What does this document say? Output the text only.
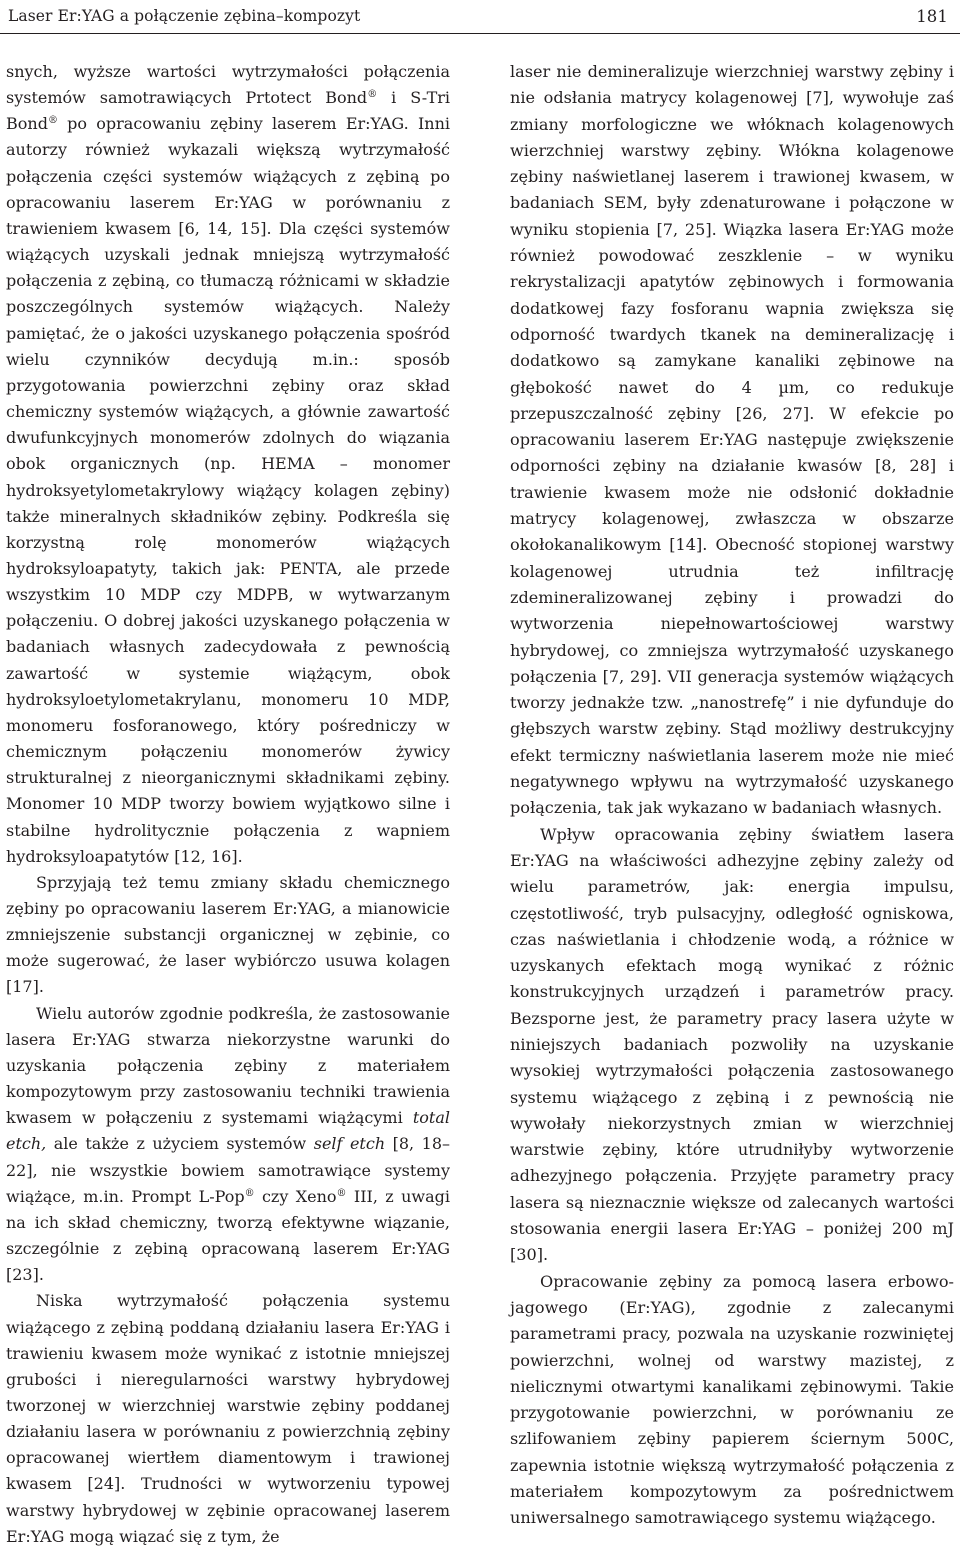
Laser Er:YAG a połączenie zębina–kompozyt	181

snych, wyższe wartości wytrzymałości połączenia systemów samotrawiących Prtotect Bond® i S-Tri Bond® po opracowaniu zębiny laserem Er:YAG. Inni autorzy również wykazali większą wytrzymałość połączenia części systemów wiążących z zębiną po opracowaniu laserem Er:YAG w porównaniu z trawieniem kwasem [6, 14, 15]. Dla części systemów wiążących uzyskali jednak mniejszą wytrzymałość połączenia z zębiną, co tłumaczą różnicami w składzie poszczególnych systemów wiążących. Należy pamiętać, że o jakości uzyskanego połączenia spośród wielu czynników decydują m.in.: sposób przygotowania powierzchni zębiny oraz skład chemiczny systemów wiążących, a głównie zawartość dwufunkcyjnych monomerów zdolnych do wiązania obok organicznych (np. HEMA – monomer hydroksyetylometakrylowy wiążący kolagen zębiny) także mineralnych składników zębiny. Podkreśla się korzystną rolę monomerów wiążących hydroksyloapatyty, takich jak: PENTA, ale przede wszystkim 10 MDP czy MDPB, w wytwarzanym połączeniu. O dobrej jakości uzyskanego połączenia w badaniach własnych zadecydowała z pewnością zawartość w systemie wiążącym, obok hydroksyloetylometakrylanu, monomeru 10 MDP, monomeru fosforanowego, który pośredniczy w chemicznym połączeniu monomerów żywicy strukturalnej z nieorganicznymi składnikami zębiny. Monomer 10 MDP tworzy bowiem wyjątkowo silne i stabilne hydrolitycznie połączenia z wapniem hydroksyloapatytów [12, 16].

Sprzyjają też temu zmiany składu chemicznego zębiny po opracowaniu laserem Er:YAG, a mianowicie zmniejszenie substancji organicznej w zębinie, co może sugerować, że laser wybiórczo usuwa kolagen [17].

Wielu autorów zgodnie podkreśla, że zastosowanie lasera Er:YAG stwarza niekorzystne warunki do uzyskania połączenia zębiny z materiałem kompozytowym przy zastosowaniu techniki trawienia kwasem w połączeniu z systemami wiążącymi total etch, ale także z użyciem systemów self etch [8, 18–22], nie wszystkie bowiem samotrawiące systemy wiążące, m.in. Prompt L-Pop® czy Xeno® III, z uwagi na ich skład chemiczny, tworzą efektywne wiązanie, szczególnie z zębiną opracowaną laserem Er:YAG [23].

Niska wytrzymałość połączenia systemu wiążącego z zębiną poddaną działaniu lasera Er:YAG i trawieniu kwasem może wynikać z istotnie mniejszej grubości i nieregularności warstwy hybrydowej tworzonej w wierzchniej warstwie zębiny poddanej działaniu lasera w porównaniu z powierzchnią zębiny opracowanej wiertłem diamentowym i trawionej kwasem [24]. Trudności w wytworzeniu typowej warstwy hybrydowej w zębinie opracowanej laserem Er:YAG mogą wiązać się z tym, że

laser nie demineralizuje wierzchniej warstwy zębiny i nie odsłania matrycy kolagenowej [7], wywołuje zaś zmiany morfologiczne we włóknach kolagenowych wierzchniej warstwy zębiny. Włókna kolagenowe zębiny naświetlanej laserem i trawionej kwasem, w badaniach SEM, były zdenaturowane i połączone w wyniku stopienia [7, 25]. Wiązka lasera Er:YAG może również powodować zeszklenie – w wyniku rekrystalizacji apatytów zębinowych i formowania dodatkowej fazy fosforanu wapnia zwiększa się odporność twardych tkanek na demineralizację i dodatkowo są zamykane kanaliki zębinowe na głębokość nawet do 4 µm, co redukuje przepuszczalność zębiny [26, 27]. W efekcie po opracowaniu laserem Er:YAG następuje zwiększenie odporności zębiny na działanie kwasów [8, 28] i trawienie kwasem może nie odsłonić dokładnie matrycy kolagenowej, zwłaszcza w obszarze okołokanalikowym [14]. Obecność stopionej warstwy kolagenowej utrudnia też infiltrację zdemineralizowanej zębiny i prowadzi do wytworzenia niepełnowartościowej warstwy hybrydowej, co zmniejsza wytrzymałość uzyskanego połączenia [7, 29]. VII generacja systemów wiążących tworzy jednakże tzw. „nanostrefę” i nie dyfunduje do głębszych warstw zębiny. Stąd możliwy destrukcyjny efekt termiczny naświetlania laserem może nie mieć negatywnego wpływu na wytrzymałość uzyskanego połączenia, tak jak wykazano w badaniach własnych.

Wpływ opracowania zębiny światłem lasera Er:YAG na właściwości adhezyjne zębiny zależy od wielu parametrów, jak: energia impulsu, częstotliwość, tryb pulsacyjny, odległość ogniskowa, czas naświetlania i chłodzenie wodą, a różnice w uzyskanych efektach mogą wynikać z różnic konstrukcyjnych urządzeń i parametrów pracy. Bezsporne jest, że parametry pracy lasera użyte w niniejszych badaniach pozwoliły na uzyskanie wysokiej wytrzymałości połączenia zastosowanego systemu wiążącego z zębiną i z pewnością nie wywołały niekorzystnych zmian w wierzchniej warstwie zębiny, które utrudniłyby wytworzenie adhezyjnego połączenia. Przyjęte parametry pracy lasera są nieznacznie większe od zalecanych wartości stosowania energii lasera Er:YAG – poniżej 200 mJ [30].

Opracowanie zębiny za pomocą lasera erbowo-jagowego (Er:YAG), zgodnie z zalecanymi parametrami pracy, pozwala na uzyskanie rozwiniętej powierzchni, wolnej od warstwy mazistej, z nielicznymi otwartymi kanalikami zębinowymi. Takie przygotowanie powierzchni, w porównaniu ze szlifowaniem zębiny papierem ściernym 500C, zapewnia istotnie większą wytrzymałość połączenia z materiałem kompozytowym za pośrednictwem uniwersalnego samotrawiącego systemu wiążącego.
